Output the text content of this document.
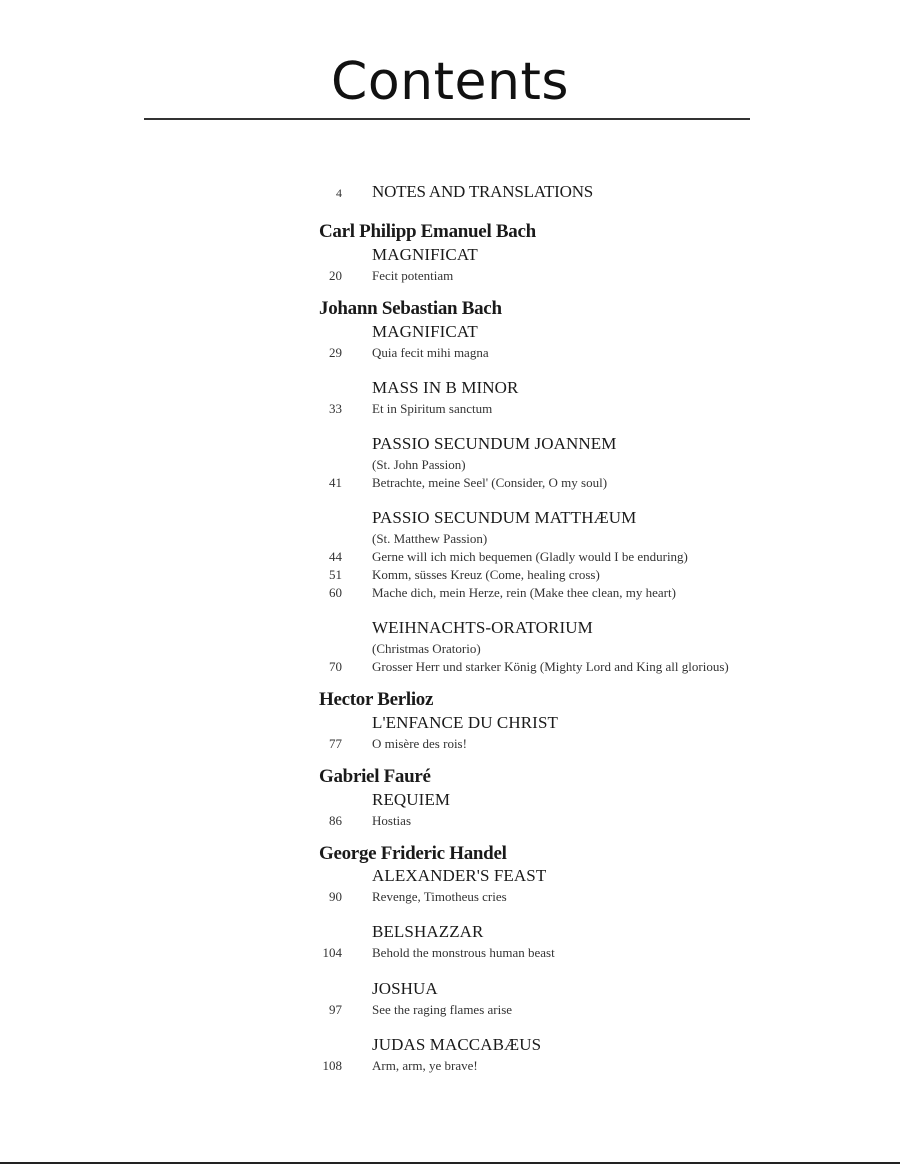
Contents
4 NOTES AND TRANSLATIONS
Carl Philipp Emanuel Bach
MAGNIFICAT
20 Fecit potentiam
Johann Sebastian Bach
MAGNIFICAT
29 Quia fecit mihi magna
MASS IN B MINOR
33 Et in Spiritum sanctum
PASSIO SECUNDUM JOANNEM
(St. John Passion)
41 Betrachte, meine Seel' (Consider, O my soul)
PASSIO SECUNDUM MATTHÆUM
(St. Matthew Passion)
44 Gerne will ich mich bequemen (Gladly would I be enduring)
51 Komm, süsses Kreuz (Come, healing cross)
60 Mache dich, mein Herze, rein (Make thee clean, my heart)
WEIHNACHTS-ORATORIUM
(Christmas Oratorio)
70 Grosser Herr und starker König (Mighty Lord and King all glorious)
Hector Berlioz
L'ENFANCE DU CHRIST
77 O misère des rois!
Gabriel Fauré
REQUIEM
86 Hostias
George Frideric Handel
ALEXANDER'S FEAST
90 Revenge, Timotheus cries
BELSHAZZAR
104 Behold the monstrous human beast
JOSHUA
97 See the raging flames arise
JUDAS MACCABÆUS
108 Arm, arm, ye brave!
